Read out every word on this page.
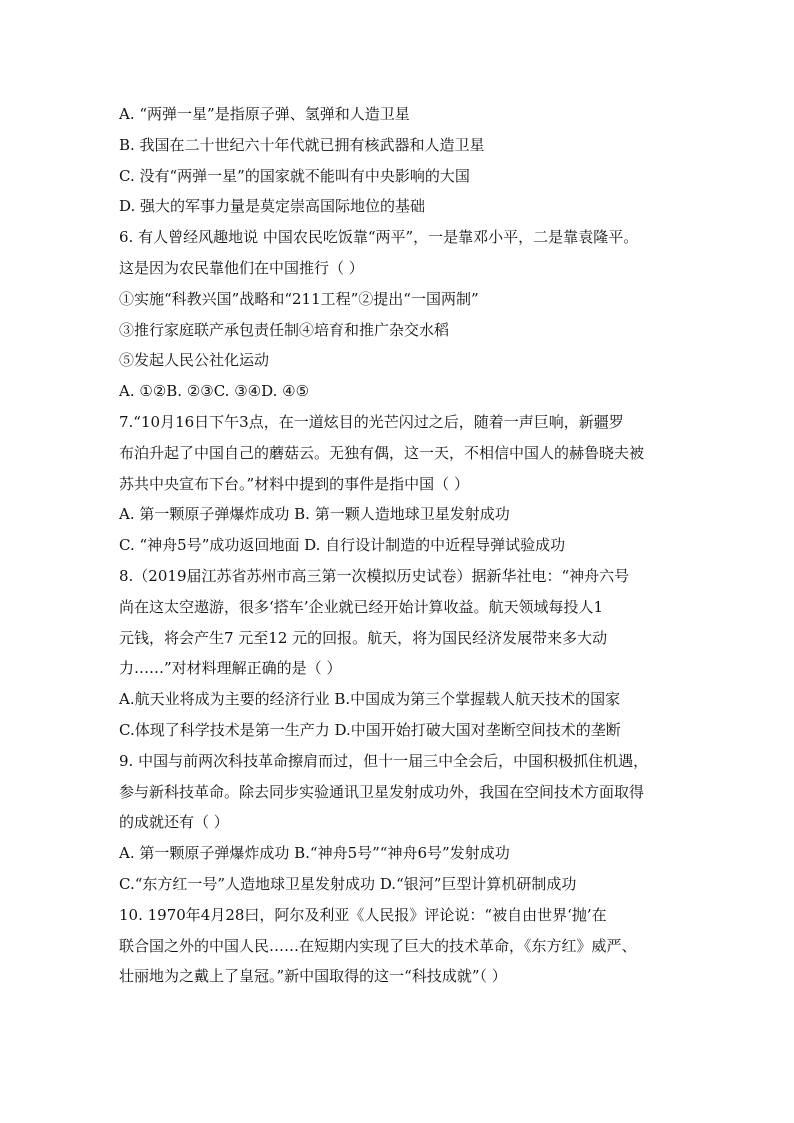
A. “两弹一星”是指原子弹、氢弹和人造卫星
B. 我国在二十世纪六十年代就已拥有核武器和人造卫星
C. 没有“两弹一星”的国家就不能叫有中央影响的大国
D. 强大的军事力量是莫定崇高国际地位的基础
6. 有人曾经风趣地说 中国农民吃饭靠“两平”，一是靠邓小平，二是靠袁隆平。
这是因为农民靠他们在中国推行（ ）
①实施“科教兴国”战略和“211工程”②提出“一国两制”
③推行家庭联产承包责任制④培育和推广杂交水稻
⑤发起人民公社化运动
A. ①②B. ②③C. ③④D. ④⑤
7.“10月16日下午3点，在一道炫目的光芒闪过之后，随着一声巨响，新疆罗
布泊升起了中国自己的蘑菇云。无独有偶，这一天，不相信中国人的赫鲁晓夫被
苏共中央宣布下台。”材料中提到的事件是指中国（ ）
A. 第一颗原子弹爆炸成功 B. 第一颗人造地球卫星发射成功
C. “神舟5号”成功返回地面 D. 自行设计制造的中近程导弹试验成功
8.（2019届江苏省苏州市高三第一次模拟历史试卷）据新华社电：“神舟六号
尚在这太空遨游，很多‘搭车’企业就已经开始计算收益。航天领域每投人1
元钱，将会产生7 元至12 元的回报。航天，将为国民经济发展带来多大动
力……”对材料理解正确的是（ ）
A.航天业将成为主要的经济行业 B.中国成为第三个掌握载人航天技术的国家
C.体现了科学技术是第一生产力 D.中国开始打破大国对垄断空间技术的垄断
9. 中国与前两次科技革命擦肩而过，但十一届三中全会后，中国积极抓住机遇，
参与新科技革命。除去同步实验通讯卫星发射成功外，我国在空间技术方面取得
的成就还有（ ）
A. 第一颗原子弹爆炸成功 B.“神舟5号”“神舟6号”发射成功
C.“东方红一号”人造地球卫星发射成功 D.“银河”巨型计算机研制成功
10. 1970年4月28曰，阿尔及利亚《人民报》评论说：“被自由世界‘抛’在
联合国之外的中国人民……在短期内实现了巨大的技术革命，《东方红》威严、
壮丽地为之戴上了皇冠。”新中国取得的这一“科技成就”（ ）
